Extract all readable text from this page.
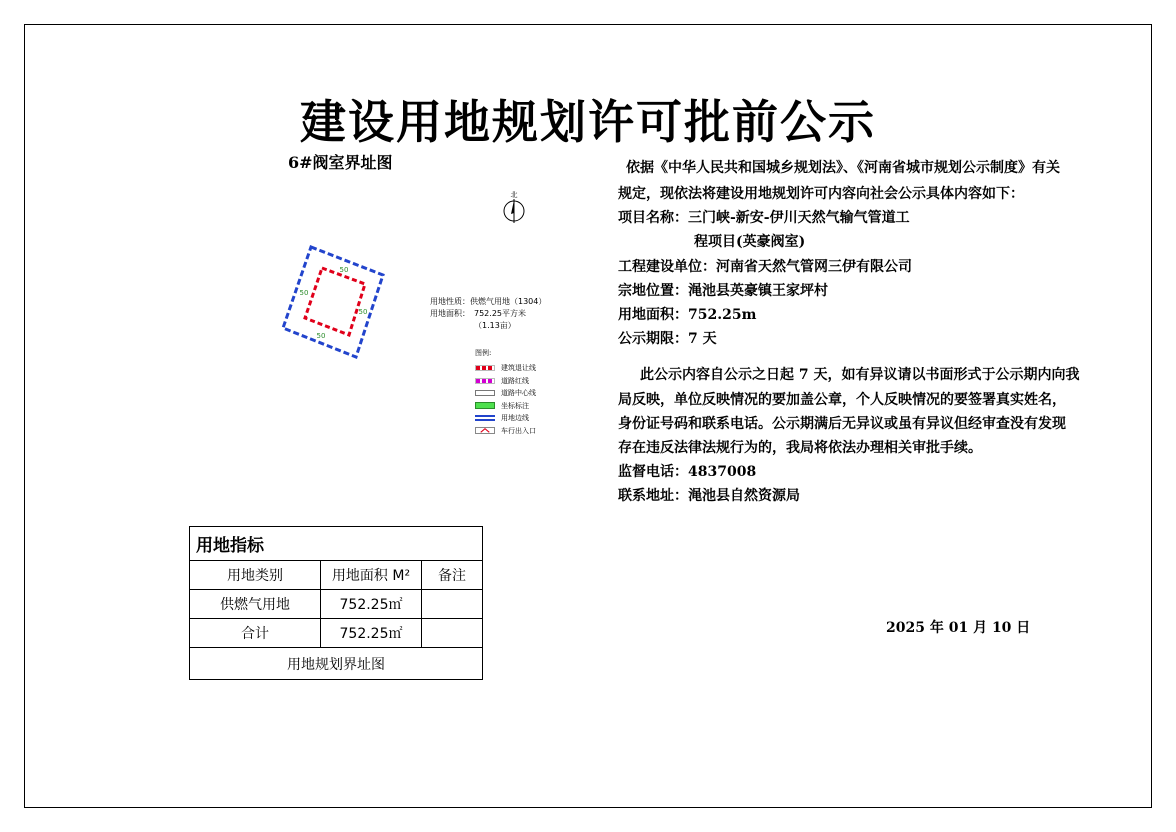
建设用地规划许可批前公示
6#阀室界址图
北
50
50
50
50
用地性质： 供燃气用地（1304）
用地面积： 752.25平方米
（1.13亩）
图例:
建筑退让线
道路红线
道路中心线
坐标标注
用地边线
车行出入口
依据《中华人民共和国城乡规划法》、《河南省城市规划公示制度》有关
规定，现依法将建设用地规划许可内容向社会公示具体内容如下：
项目名称：三门峡-新安-伊川天然气输气管道工
程项目(英豪阀室)
工程建设单位：河南省天然气管网三伊有限公司
宗地位置：渑池县英豪镇王家坪村
用地面积：752.25m
公示期限：7 天
此公示内容自公示之日起 7 天，如有异议请以书面形式于公示期内向我
局反映，单位反映情况的要加盖公章，个人反映情况的要签署真实姓名，
身份证号码和联系电话。公示期满后无异议或虽有异议但经审查没有发现
存在违反法律法规行为的，我局将依法办理相关审批手续。
监督电话：4837008
联系地址：渑池县自然资源局
用地指标		
用地类别	用地面积 M²	备注
供燃气用地	752.25㎡	
合计	752.25㎡	
用地规划界址图		
2025 年 01 月 10 日
